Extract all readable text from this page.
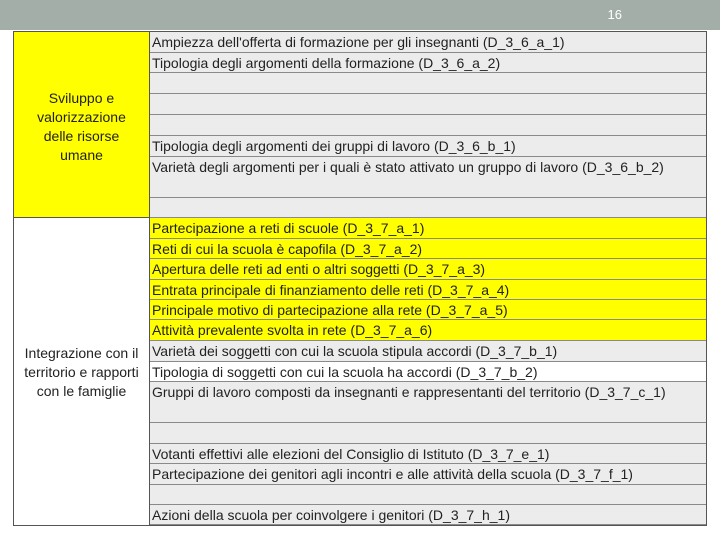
16
Sviluppo e
valorizzazione
delle risorse
umane
Integrazione con il
territorio e rapporti
con le famiglie
Ampiezza dell'offerta di formazione per gli insegnanti (D_3_6_a_1)
Tipologia degli argomenti della formazione (D_3_6_a_2)
Tipologia degli argomenti dei gruppi di lavoro (D_3_6_b_1)
Varietà degli argomenti per i quali è stato attivato un gruppo di lavoro (D_3_6_b_2)
Partecipazione a reti di scuole (D_3_7_a_1)
Reti di cui la scuola è capofila (D_3_7_a_2)
Apertura delle reti ad enti o altri soggetti (D_3_7_a_3)
Entrata principale di finanziamento delle reti (D_3_7_a_4)
Principale motivo di partecipazione alla rete (D_3_7_a_5)
Attività prevalente svolta in rete (D_3_7_a_6)
Varietà dei soggetti con cui la scuola stipula accordi (D_3_7_b_1)
Tipologia di soggetti con cui la scuola ha accordi (D_3_7_b_2)
Gruppi di lavoro composti da insegnanti e rappresentanti del territorio (D_3_7_c_1)
Votanti effettivi alle elezioni del Consiglio di Istituto (D_3_7_e_1)
Partecipazione dei genitori agli incontri e alle attività della scuola (D_3_7_f_1)
Azioni della scuola per coinvolgere i genitori (D_3_7_h_1)
